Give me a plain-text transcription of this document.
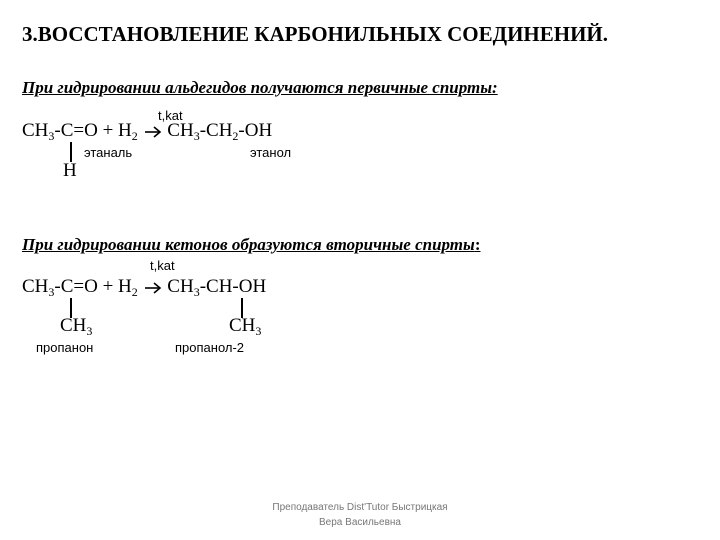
3.ВОССТАНОВЛЕНИЕ КАРБОНИЛЬНЫХ СОЕДИНЕНИЙ.
При гидрировании альдегидов получаются первичные спирты:
t,kat
$CH_3-C=O + H_2$ $CH_3-CH_2-OH$
этаналь	этанол
H
При гидрировании кетонов образуются вторичные спирты:
t,kat
$CH_3-C=O + H_2$ $CH_3-CH-OH$
$CH_3$	$CH_3$
пропанон	пропанол-2
Преподаватель Dist'Tutor Быстрицкая
Вера Васильевна
